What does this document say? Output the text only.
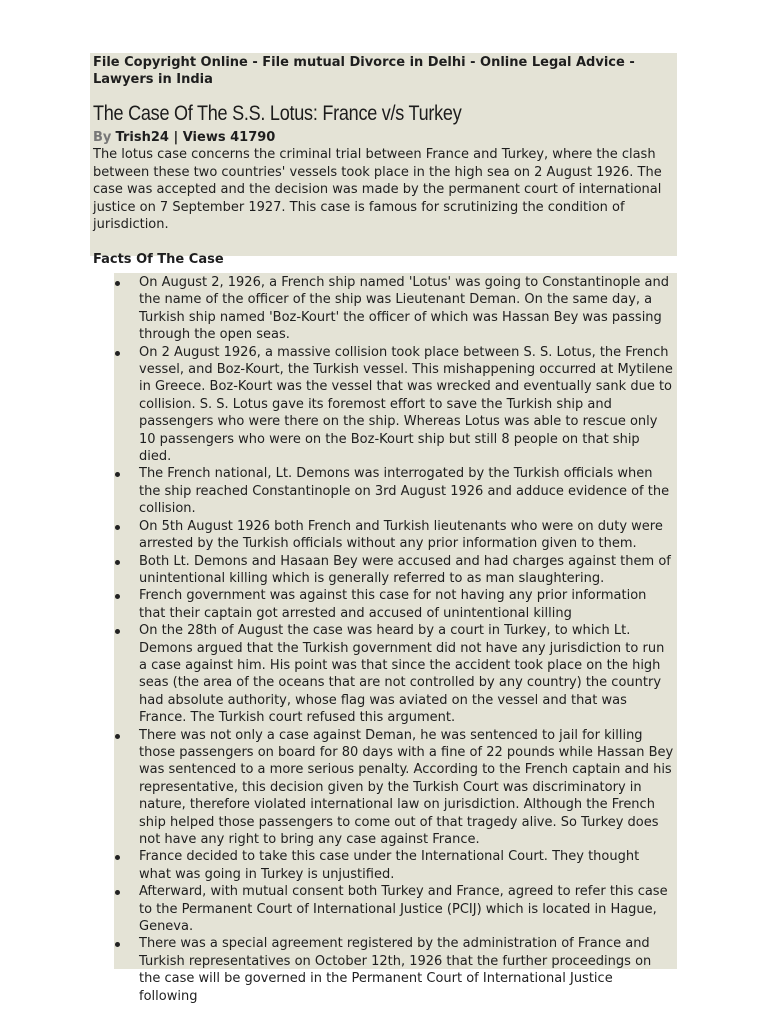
File Copyright Online - File mutual Divorce in Delhi - Online Legal Advice - Lawyers in India
The Case Of The S.S. Lotus: France v/s Turkey
By Trish24 | Views 41790
The lotus case concerns the criminal trial between France and Turkey, where the clash between these two countries' vessels took place in the high sea on 2 August 1926. The case was accepted and the decision was made by the permanent court of international justice on 7 September 1927. This case is famous for scrutinizing the condition of jurisdiction.
Facts Of The Case
On August 2, 1926, a French ship named 'Lotus' was going to Constantinople and the name of the officer of the ship was Lieutenant Deman. On the same day, a Turkish ship named 'Boz-Kourt' the officer of which was Hassan Bey was passing through the open seas.
On 2 August 1926, a massive collision took place between S. S. Lotus, the French vessel, and Boz-Kourt, the Turkish vessel. This mishappening occurred at Mytilene in Greece. Boz-Kourt was the vessel that was wrecked and eventually sank due to collision. S. S. Lotus gave its foremost effort to save the Turkish ship and passengers who were there on the ship. Whereas Lotus was able to rescue only 10 passengers who were on the Boz-Kourt ship but still 8 people on that ship died.
The French national, Lt. Demons was interrogated by the Turkish officials when the ship reached Constantinople on 3rd August 1926 and adduce evidence of the collision.
On 5th August 1926 both French and Turkish lieutenants who were on duty were arrested by the Turkish officials without any prior information given to them.
Both Lt. Demons and Hasaan Bey were accused and had charges against them of unintentional killing which is generally referred to as man slaughtering.
French government was against this case for not having any prior information that their captain got arrested and accused of unintentional killing
On the 28th of August the case was heard by a court in Turkey, to which Lt. Demons argued that the Turkish government did not have any jurisdiction to run a case against him. His point was that since the accident took place on the high seas (the area of the oceans that are not controlled by any country) the country had absolute authority, whose flag was aviated on the vessel and that was France. The Turkish court refused this argument.
There was not only a case against Deman, he was sentenced to jail for killing those passengers on board for 80 days with a fine of 22 pounds while Hassan Bey was sentenced to a more serious penalty. According to the French captain and his representative, this decision given by the Turkish Court was discriminatory in nature, therefore violated international law on jurisdiction. Although the French ship helped those passengers to come out of that tragedy alive. So Turkey does not have any right to bring any case against France.
France decided to take this case under the International Court. They thought what was going in Turkey is unjustified.
Afterward, with mutual consent both Turkey and France, agreed to refer this case to the Permanent Court of International Justice (PCIJ) which is located in Hague, Geneva.
There was a special agreement registered by the administration of France and Turkish representatives on October 12th, 1926 that the further proceedings on the case will be governed in the Permanent Court of International Justice following
